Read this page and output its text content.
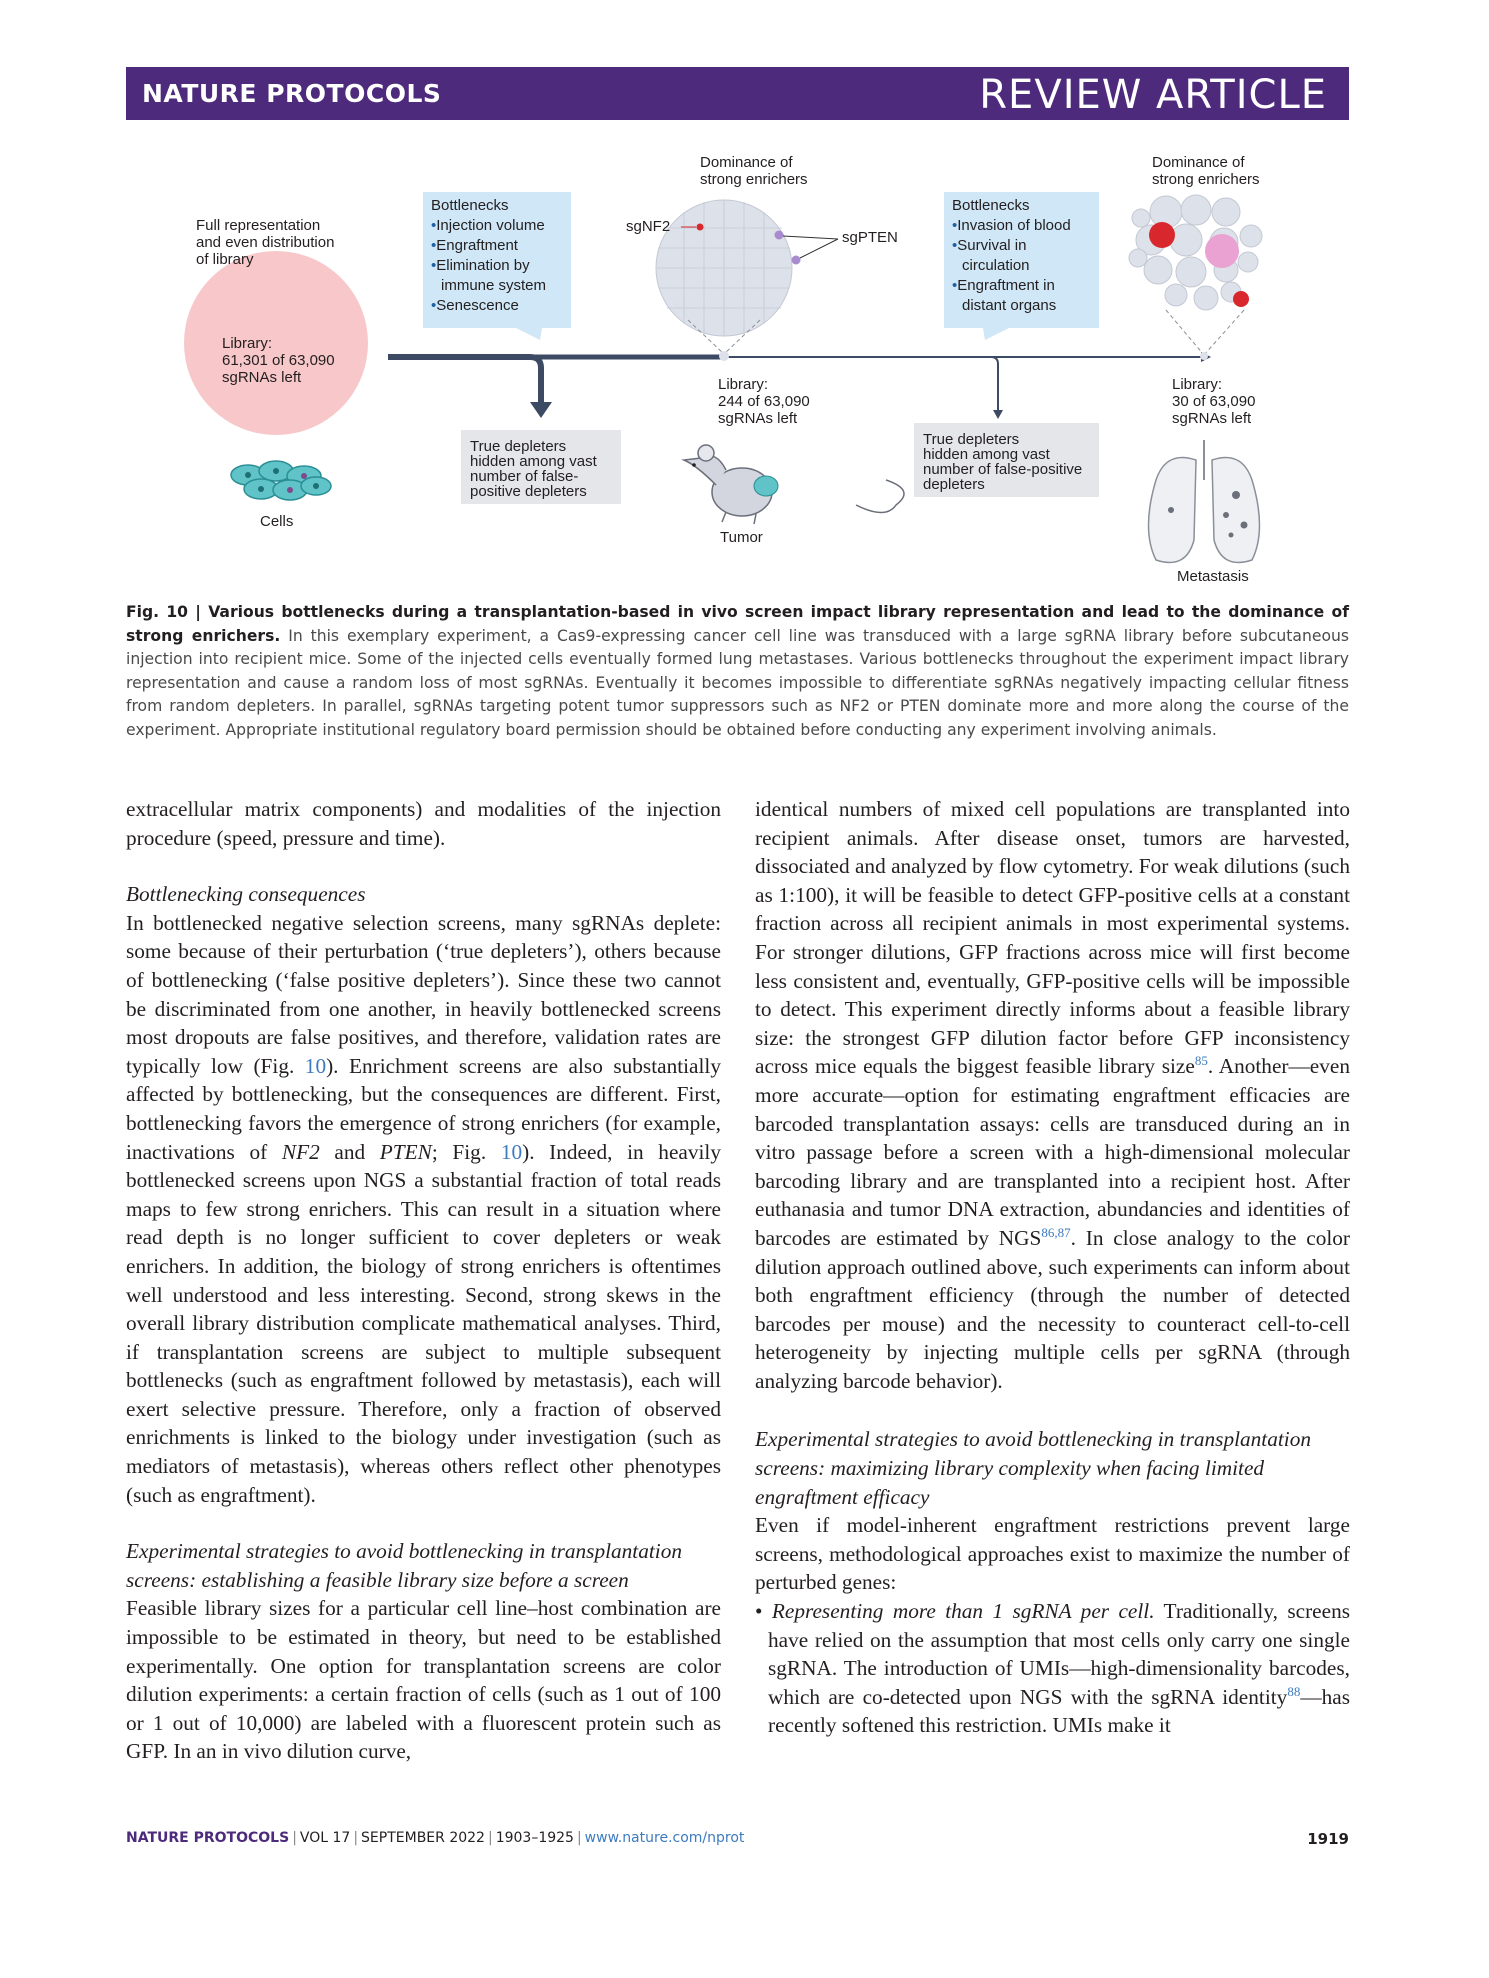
NATURE PROTOCOLS	REVIEW ARTICLE
Full representation
and even distribution
of library
Library:
61,301 of 63,090
sgRNAs left
Cells
Bottlenecks
• Injection volume
• Engraftment
• Elimination by immune system
• Senescence
Dominance of
strong enrichers
sgNF2
sgPTEN
Library:
244 of 63,090
sgRNAs left
Tumor
True depleters
hidden among vast
number of false-
positive depleters
Bottlenecks
• Invasion of blood
• Survival in circulation
• Engraftment in distant organs
Dominance of
strong enrichers
Library:
30 of 63,090
sgRNAs left
True depleters
hidden among vast
number of false-positive
depleters
Metastasis
Fig. 10 | Various bottlenecks during a transplantation-based in vivo screen impact library representation and lead to the dominance of strong enrichers. In this exemplary experiment, a Cas9-expressing cancer cell line was transduced with a large sgRNA library before subcutaneous injection into recipient mice. Some of the injected cells eventually formed lung metastases. Various bottlenecks throughout the experiment impact library representation and cause a random loss of most sgRNAs. Eventually it becomes impossible to differentiate sgRNAs negatively impacting cellular fitness from random depleters. In parallel, sgRNAs targeting potent tumor suppressors such as NF2 or PTEN dominate more and more along the course of the experiment. Appropriate institutional regulatory board permission should be obtained before conducting any experiment involving animals.

extracellular matrix components) and modalities of the injection procedure (speed, pressure and time).

Bottlenecking consequences

In bottlenecked negative selection screens, many sgRNAs deplete: some because of their perturbation (‘true depleters’), others because of bottlenecking (‘false positive depleters’). Since these two cannot be discriminated from one another, in heavily bottlenecked screens most dropouts are false positives, and therefore, validation rates are typically low (Fig. 10). Enrichment screens are also substantially affected by bottlenecking, but the consequences are different. First, bottlenecking favors the emergence of strong enrichers (for example, inactivations of NF2 and PTEN; Fig. 10). Indeed, in heavily bottlenecked screens upon NGS a substantial fraction of total reads maps to few strong enrichers. This can result in a situation where read depth is no longer sufficient to cover depleters or weak enrichers. In addition, the biology of strong enrichers is oftentimes well understood and less interesting. Second, strong skews in the overall library distribution complicate mathematical analyses. Third, if transplantation screens are subject to multiple subsequent bottlenecks (such as engraftment followed by metastasis), each will exert selective pressure. Therefore, only a fraction of observed enrichments is linked to the biology under investigation (such as mediators of metastasis), whereas others reflect other phenotypes (such as engraftment).

Experimental strategies to avoid bottlenecking in transplantation screens: establishing a feasible library size before a screen

Feasible library sizes for a particular cell line–host combination are impossible to be estimated in theory, but need to be established experimentally. One option for transplantation screens are color dilution experiments: a certain fraction of cells (such as 1 out of 100 or 1 out of 10,000) are labeled with a fluorescent protein such as GFP. In an in vivo dilution curve,

identical numbers of mixed cell populations are transplanted into recipient animals. After disease onset, tumors are harvested, dissociated and analyzed by flow cytometry. For weak dilutions (such as 1:100), it will be feasible to detect GFP-positive cells at a constant fraction across all recipient animals in most experimental systems. For stronger dilutions, GFP fractions across mice will first become less consistent and, eventually, GFP-positive cells will be impossible to detect. This experiment directly informs about a feasible library size: the strongest GFP dilution factor before GFP inconsistency across mice equals the biggest feasible library size$^{85}$. Another—even more accurate—option for estimating engraftment efficacies are barcoded transplantation assays: cells are transduced during an in vitro passage before a screen with a high-dimensional molecular barcoding library and are transplanted into a recipient host. After euthanasia and tumor DNA extraction, abundancies and identities of barcodes are estimated by NGS$^{86,87}$. In close analogy to the color dilution approach outlined above, such experiments can inform about both engraftment efficiency (through the number of detected barcodes per mouse) and the necessity to counteract cell-to-cell heterogeneity by injecting multiple cells per sgRNA (through analyzing barcode behavior).

Experimental strategies to avoid bottlenecking in transplantation screens: maximizing library complexity when facing limited engraftment efficacy

Even if model-inherent engraftment restrictions prevent large screens, methodological approaches exist to maximize the number of perturbed genes:

• Representing more than 1 sgRNA per cell. Traditionally, screens have relied on the assumption that most cells only carry one single sgRNA. The introduction of UMIs—high-dimensionality barcodes, which are co-detected upon NGS with the sgRNA identity$^{88}$—has recently softened this restriction. UMIs make it

NATURE PROTOCOLS | VOL 17 | SEPTEMBER 2022 | 1903–1925 | www.nature.com/nprot	1919
